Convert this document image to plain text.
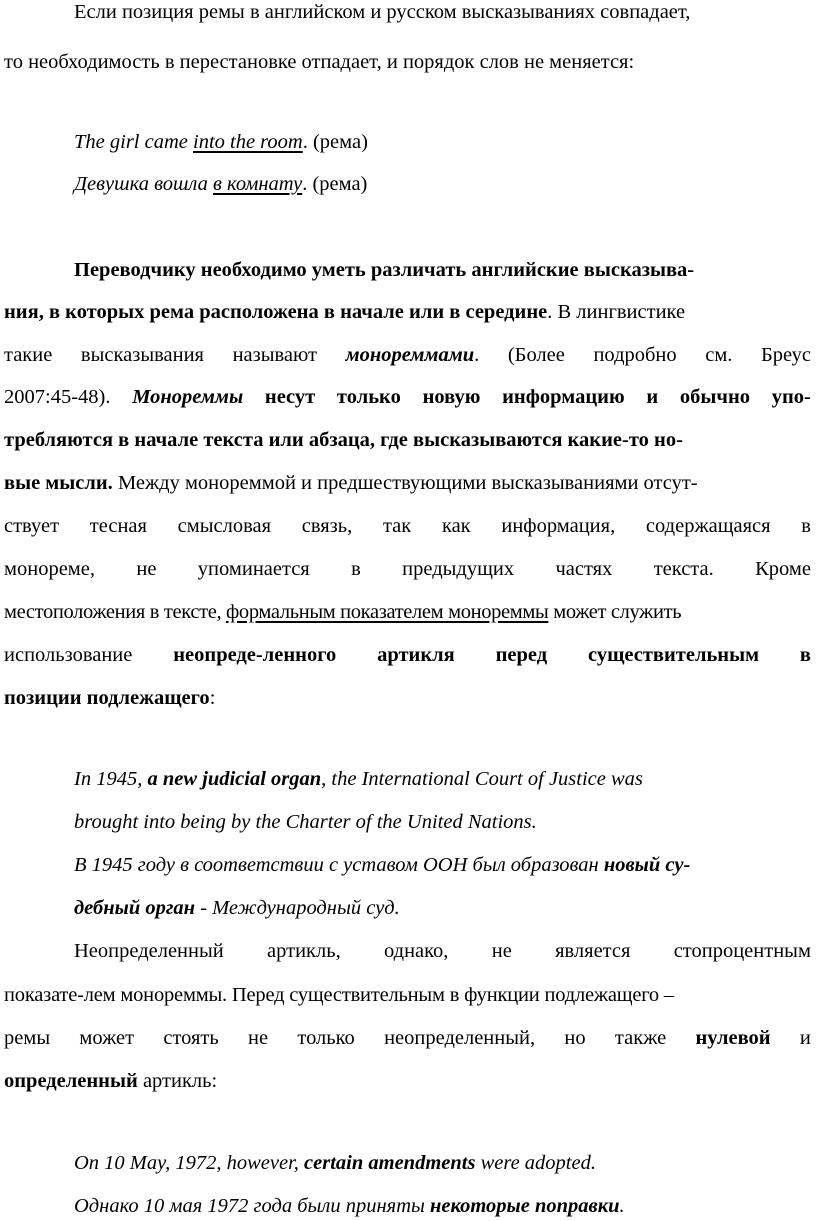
Если позиция ремы в английском и русском высказываниях совпадает,
то необходимость в перестановке отпадает, и порядок слов не меняется:
The girl came into the room. (рема)
Девушка вошла в комнату. (рема)
Переводчику необходимо уметь различать английские высказыва-
ния, в которых рема расположена в начале или в середине. В лингвистике
такие высказывания называют монореммами. (Более подробно см. Бреус
2007:45-48). Монореммы несут только новую информацию и обычно упо-
требляются в начале текста или абзаца, где высказываются какие-то но-
вые мысли. Между монореммой и предшествующими высказываниями отсут-
ствует тесная смысловая связь, так как информация, содержащаяся в
монореме, не упоминается в предыдущих частях текста. Кроме
местоположения в тексте, формальным показателем монореммы может служить
использование неопреде-ленного артикля перед существительным в
позиции подлежащего:
In 1945, a new judicial organ, the International Court of Justice was
brought into being by the Charter of the United Nations.
В 1945 году в соответствии с уставом ООН был образован новый су-
дебный орган - Международный суд.
Неопределенный артикль, однако, не является стопроцентным
показате-лем монореммы. Перед существительным в функции подлежащего –
ремы может стоять не только неопределенный, но также нулевой и
определенный артикль:
On 10 May, 1972, however, certain amendments were adopted.
Однако 10 мая 1972 года были приняты некоторые поправки.
